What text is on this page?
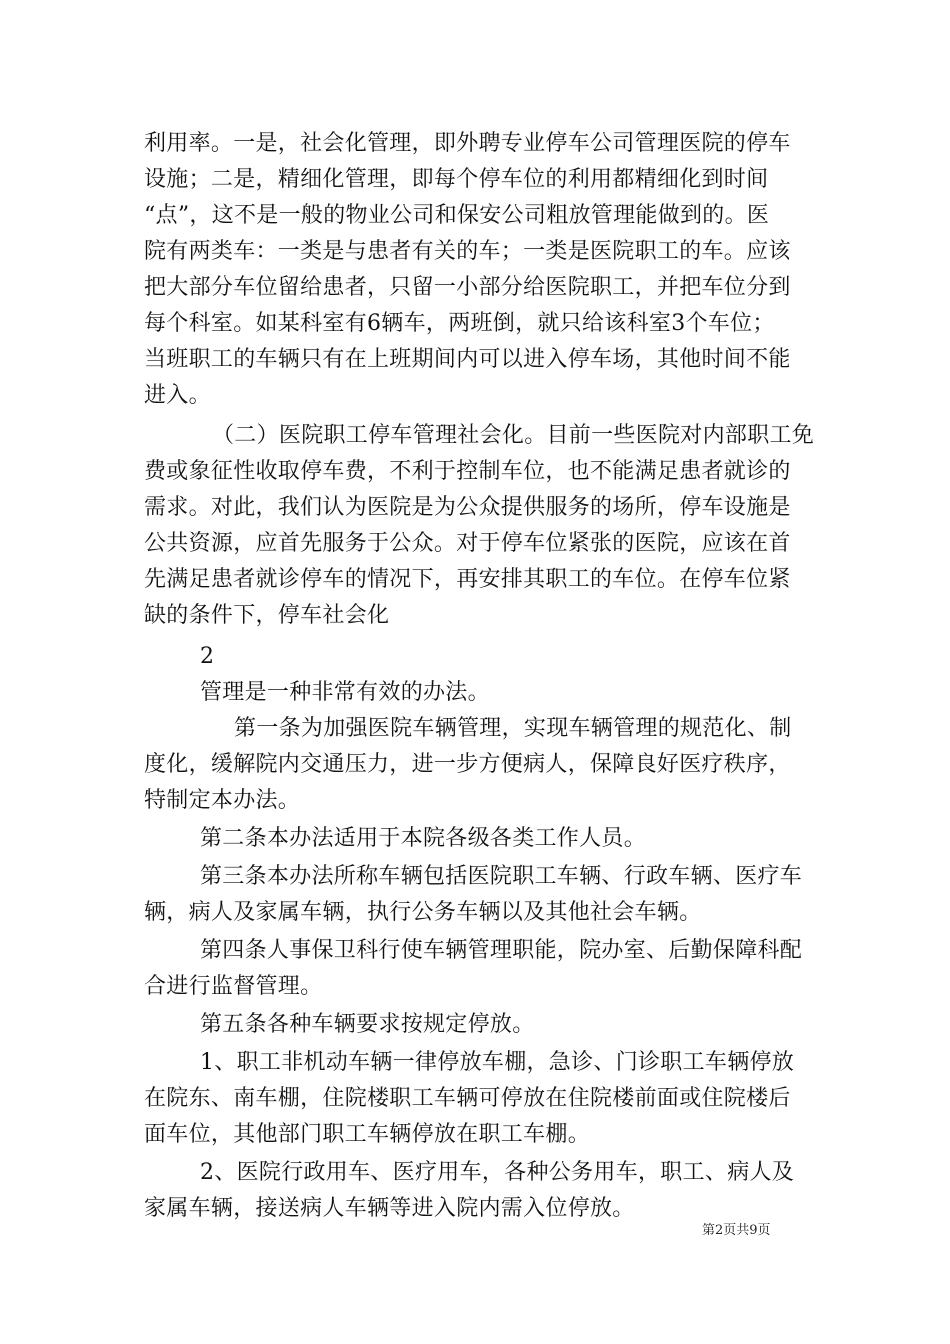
利用率。一是，社会化管理，即外聘专业停车公司管理医院的停车
设施；二是，精细化管理，即每个停车位的利用都精细化到时间
“点”，这不是一般的物业公司和保安公司粗放管理能做到的。医
院有两类车：一类是与患者有关的车；一类是医院职工的车。应该
把大部分车位留给患者，只留一小部分给医院职工，并把车位分到
每个科室。如某科室有6辆车，两班倒，就只给该科室3个车位；
当班职工的车辆只有在上班期间内可以进入停车场，其他时间不能
进入。
（二）医院职工停车管理社会化。目前一些医院对内部职工免
费或象征性收取停车费，不利于控制车位，也不能满足患者就诊的
需求。对此，我们认为医院是为公众提供服务的场所，停车设施是
公共资源，应首先服务于公众。对于停车位紧张的医院，应该在首
先满足患者就诊停车的情况下，再安排其职工的车位。在停车位紧
缺的条件下，停车社会化
2
管理是一种非常有效的办法。
第一条为加强医院车辆管理，实现车辆管理的规范化、制
度化，缓解院内交通压力，进一步方便病人，保障良好医疗秩序，
特制定本办法。
第二条本办法适用于本院各级各类工作人员。
第三条本办法所称车辆包括医院职工车辆、行政车辆、医疗车
辆，病人及家属车辆，执行公务车辆以及其他社会车辆。
第四条人事保卫科行使车辆管理职能，院办室、后勤保障科配
合进行监督管理。
第五条各种车辆要求按规定停放。
1、职工非机动车辆一律停放车棚，急诊、门诊职工车辆停放
在院东、南车棚，住院楼职工车辆可停放在住院楼前面或住院楼后
面车位，其他部门职工车辆停放在职工车棚。
2、医院行政用车、医疗用车，各种公务用车，职工、病人及
家属车辆，接送病人车辆等进入院内需入位停放。
第2页共9页
